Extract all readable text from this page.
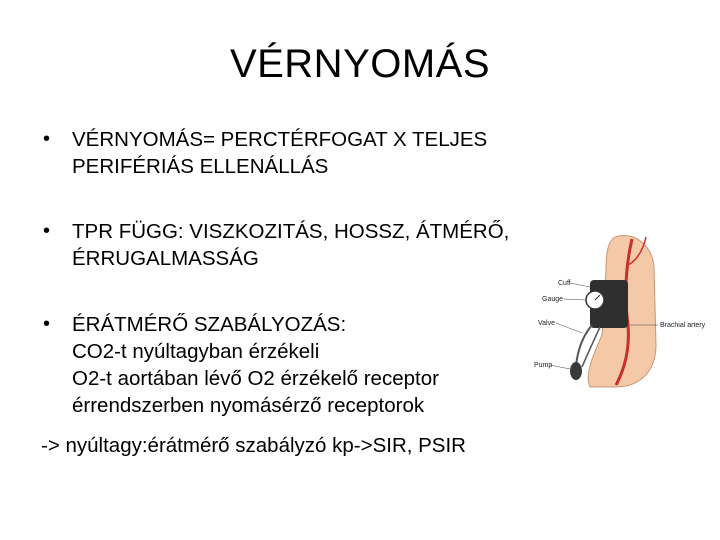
VÉRNYOMÁS
•	VÉRNYOMÁS= PERCTÉRFOGAT X TELJES
PERIFÉRIÁS ELLENÁLLÁS
•	TPR FÜGG: VISZKOZITÁS, HOSSZ, ÁTMÉRŐ,
ÉRRUGALMASSÁG
•	ÉRÁTMÉRŐ SZABÁLYOZÁS:
CO2-t nyúltagyban érzékeli
O2-t aortában lévő O2 érzékelő receptor
érrendszerben nyomásérző receptorok
-> nyúltagy:érátmérő szabályzó kp->SIR, PSIR
Cuff
Gauge
Valve	Brachial artery
Pump
